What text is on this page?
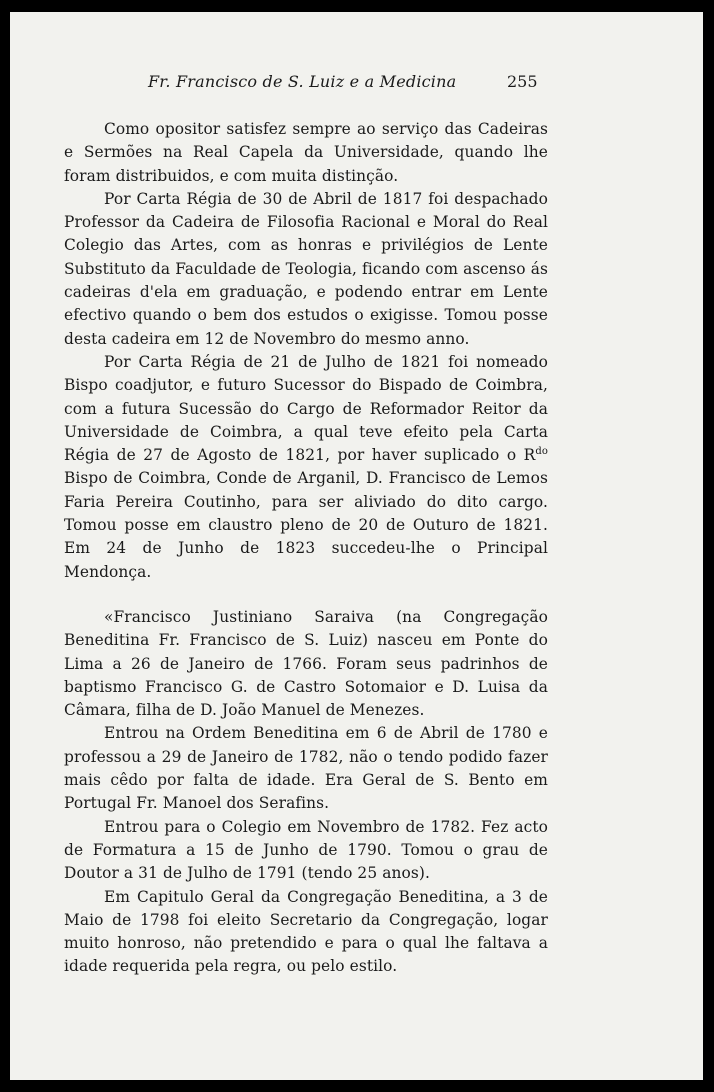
Fr. Francisco de S. Luiz e a Medicina	255

Como opositor satisfez sempre ao serviço das Cadeiras e Sermões na Real Capela da Universidade, quando lhe foram distribuidos, e com muita distinção.

Por Carta Régia de 30 de Abril de 1817 foi despachado Professor da Cadeira de Filosofia Racional e Moral do Real Colegio das Artes, com as honras e privilégios de Lente Substituto da Faculdade de Teologia, ficando com ascenso ás cadeiras d'ela em graduação, e podendo entrar em Lente efectivo quando o bem dos estudos o exigisse. Tomou posse desta cadeira em 12 de Novembro do mesmo anno.

Por Carta Régia de 21 de Julho de 1821 foi nomeado Bispo coadjutor, e futuro Sucessor do Bispado de Coimbra, com a futura Sucessão do Cargo de Reformador Reitor da Universidade de Coimbra, a qual teve efeito pela Carta Régia de 27 de Agosto de 1821, por haver suplicado o $R^{do}$ Bispo de Coimbra, Conde de Arganil, D. Francisco de Lemos Faria Pereira Coutinho, para ser aliviado do dito cargo. Tomou posse em claustro pleno de 20 de Outuro de 1821. Em 24 de Junho de 1823 succedeu-lhe o Principal Mendonça.

«Francisco Justiniano Saraiva (na Congregação Beneditina Fr. Francisco de S. Luiz) nasceu em Ponte do Lima a 26 de Janeiro de 1766. Foram seus padrinhos de baptismo Francisco G. de Castro Sotomaior e D. Luisa da Câmara, filha de D. João Manuel de Menezes.

Entrou na Ordem Beneditina em 6 de Abril de 1780 e professou a 29 de Janeiro de 1782, não o tendo podido fazer mais cêdo por falta de idade. Era Geral de S. Bento em Portugal Fr. Manoel dos Serafins.

Entrou para o Colegio em Novembro de 1782. Fez acto de Formatura a 15 de Junho de 1790. Tomou o grau de Doutor a 31 de Julho de 1791 (tendo 25 anos).

Em Capitulo Geral da Congregação Beneditina, a 3 de Maio de 1798 foi eleito Secretario da Congregação, logar muito honroso, não pretendido e para o qual lhe faltava a idade requerida pela regra, ou pelo estilo.
